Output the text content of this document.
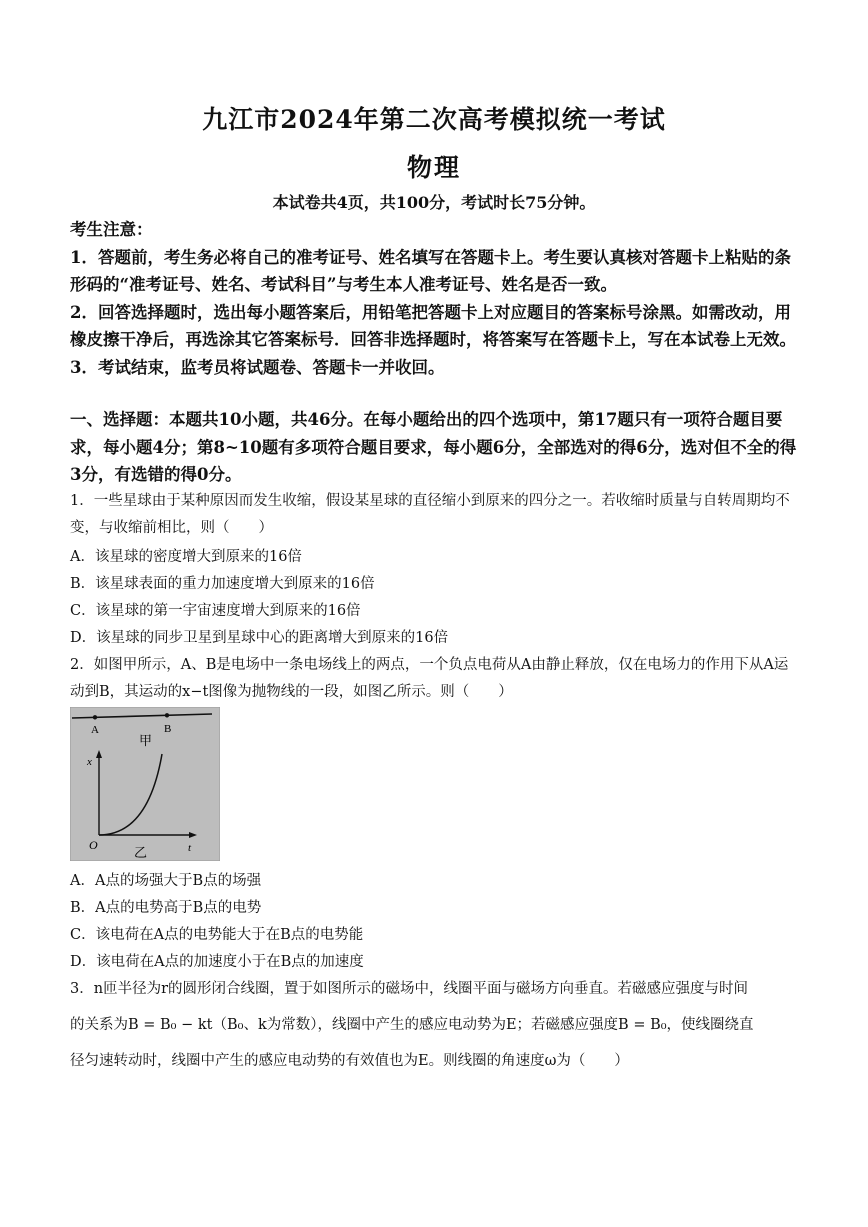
九江市2024年第二次高考模拟统一考试
物理
本试卷共4页，共100分，考试时长75分钟。

考生注意：

1．答题前，考生务必将自己的准考证号、姓名填写在答题卡上。考生要认真核对答题卡上粘贴的条形码的“准考证号、姓名、考试科目”与考生本人准考证号、姓名是否一致。

2．回答选择题时，选出每小题答案后，用铅笔把答题卡上对应题目的答案标号涂黑。如需改动，用橡皮擦干净后，再选涂其它答案标号．回答非选择题时，将答案写在答题卡上，写在本试卷上无效。

3．考试结束，监考员将试题卷、答题卡一并收回。

一、选择题：本题共10小题，共46分。在每小题给出的四个选项中，第17题只有一项符合题目要求，每小题4分；第8~10题有多项符合题目要求，每小题6分，全部选对的得6分，选对但不全的得3分，有选错的得0分。

1．一些星球由于某种原因而发生收缩，假设某星球的直径缩小到原来的四分之一。若收缩时质量与自转周期均不变，与收缩前相比，则（　　）

A．该星球的密度增大到原来的16倍
B．该星球表面的重力加速度增大到原来的16倍
C．该星球的第一宇宙速度增大到原来的16倍
D．该星球的同步卫星到星球中心的距离增大到原来的16倍

2．如图甲所示，A、B是电场中一条电场线上的两点，一个负点电荷从A由静止释放，仅在电场力的作用下从A运动到B，其运动的x−t图像为抛物线的一段，如图乙所示。则（　　）

A	B
甲
x
t
O
乙
A．A点的场强大于B点的场强
B．A点的电势高于B点的电势
C．该电荷在A点的电势能大于在B点的电势能
D．该电荷在A点的加速度小于在B点的加速度
3．n匝半径为r的圆形闭合线圈，置于如图所示的磁场中，线圈平面与磁场方向垂直。若磁感应强度与时间
的关系为B = B₀ − kt（B₀、k为常数），线圈中产生的感应电动势为E；若磁感应强度B = B₀，使线圈绕直
径匀速转动时，线圈中产生的感应电动势的有效值也为E。则线圈的角速度ω为（　　）
